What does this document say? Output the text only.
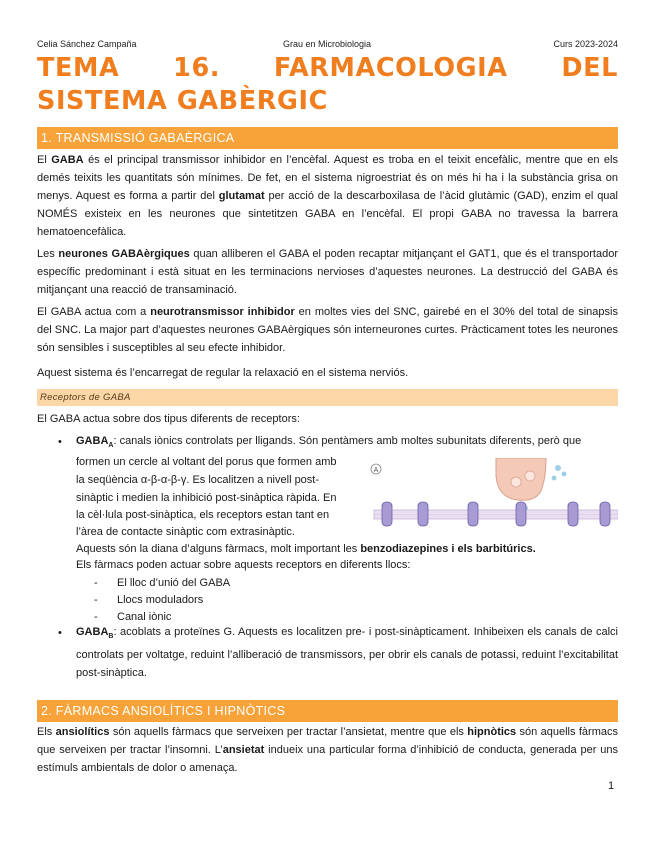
Celia Sánchez Campaña	Grau en Microbiologia	Curs 2023-2024
TEMA 16. FARMACOLOGIA DEL SISTEMA GABÈRGIC
1. TRANSMISSIÓ GABAÈRGICA

El GABA és el principal transmissor inhibidor en l’encèfal. Aquest es troba en el teixit encefàlic, mentre que en els demés teixits les quantitats són mínimes. De fet, en el sistema nigroestriat és on més hi ha i la substància grisa on menys. Aquest es forma a partir del glutamat per acció de la descarboxilasa de l’àcid glutàmic (GAD), enzim el qual NOMÉS existeix en les neurones que sintetitzen GABA en l’encèfal. El propi GABA no travessa la barrera hematoencefàlica.

Les neurones GABAèrgiques quan alliberen el GABA el poden recaptar mitjançant el GAT1, que és el transportador específic predominant i està situat en les terminacions nervioses d’aquestes neurones. La destrucció del GABA és mitjançant una reacció de transaminació.

El GABA actua com a neurotransmissor inhibidor en moltes vies del SNC, gairebé en el 30% del total de sinapsis del SNC. La major part d’aquestes neurones GABAèrgiques són interneurones curtes. Pràcticament totes les neurones són sensibles i susceptibles al seu efecte inhibidor.

Aquest sistema és l’encarregat de regular la relaxació en el sistema nerviós.

Receptors de GABA

El GABA actua sobre dos tipus diferents de receptors:

• $GABA_A$: canals iònics controlats per lligands. Són pentàmers amb moltes subunitats diferents, però que
formen un cercle al voltant del porus que formen amb
la seqüència α-β-α-β-γ. Es localitzen a nivell post-
sinàptic i medien la inhibició post-sinàptica ràpida. En
la cèl·lula post-sinàptica, els receptors estan tant en
l’àrea de contacte sinàptic com extrasinàptic.
Aquests són la diana d’alguns fàrmacs, molt important les benzodiazepines i els barbitúrics.
Els fàrmacs poden actuar sobre aquests receptors en diferents llocs:
- El lloc d’unió del GABA
- Llocs moduladors
- Canal iònic
A
• $GABA_B$: acoblats a proteïnes G. Aquests es localitzen pre- i post-sinàpticament. Inhibeixen els canals de calci controlats per voltatge, reduint l’alliberació de transmissors, per obrir els canals de potassi, reduint l’excitabilitat post-sinàptica.
2. FÀRMACS ANSIOLÍTICS I HIPNÒTICS

Els ansiolítics són aquells fàrmacs que serveixen per tractar l’ansietat, mentre que els hipnòtics són aquells fàrmacs que serveixen per tractar l’insomni. L’ansietat indueix una particular forma d’inhibició de conducta, generada per uns estímuls ambientals de dolor o amenaça.

1
